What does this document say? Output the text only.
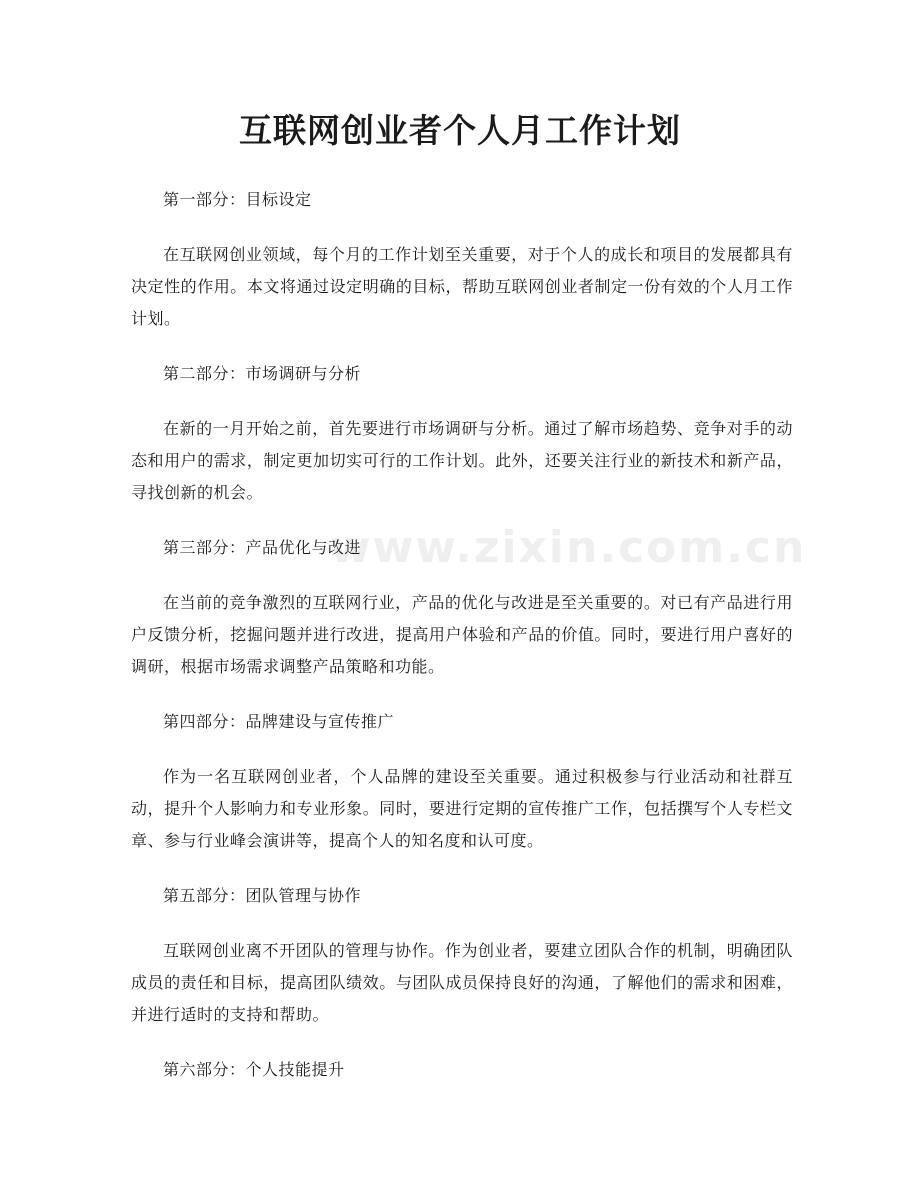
互联网创业者个人月工作计划
www.zixin.com.cn

第一部分：目标设定

在互联网创业领域，每个月的工作计划至关重要，对于个人的成长和项目的发展都具有决定性的作用。本文将通过设定明确的目标，帮助互联网创业者制定一份有效的个人月工作计划。

第二部分：市场调研与分析

在新的一月开始之前，首先要进行市场调研与分析。通过了解市场趋势、竞争对手的动态和用户的需求，制定更加切实可行的工作计划。此外，还要关注行业的新技术和新产品，寻找创新的机会。

第三部分：产品优化与改进

在当前的竞争激烈的互联网行业，产品的优化与改进是至关重要的。对已有产品进行用户反馈分析，挖掘问题并进行改进，提高用户体验和产品的价值。同时，要进行用户喜好的调研，根据市场需求调整产品策略和功能。

第四部分：品牌建设与宣传推广

作为一名互联网创业者，个人品牌的建设至关重要。通过积极参与行业活动和社群互动，提升个人影响力和专业形象。同时，要进行定期的宣传推广工作，包括撰写个人专栏文章、参与行业峰会演讲等，提高个人的知名度和认可度。

第五部分：团队管理与协作

互联网创业离不开团队的管理与协作。作为创业者，要建立团队合作的机制，明确团队成员的责任和目标，提高团队绩效。与团队成员保持良好的沟通，了解他们的需求和困难，并进行适时的支持和帮助。

第六部分：个人技能提升
